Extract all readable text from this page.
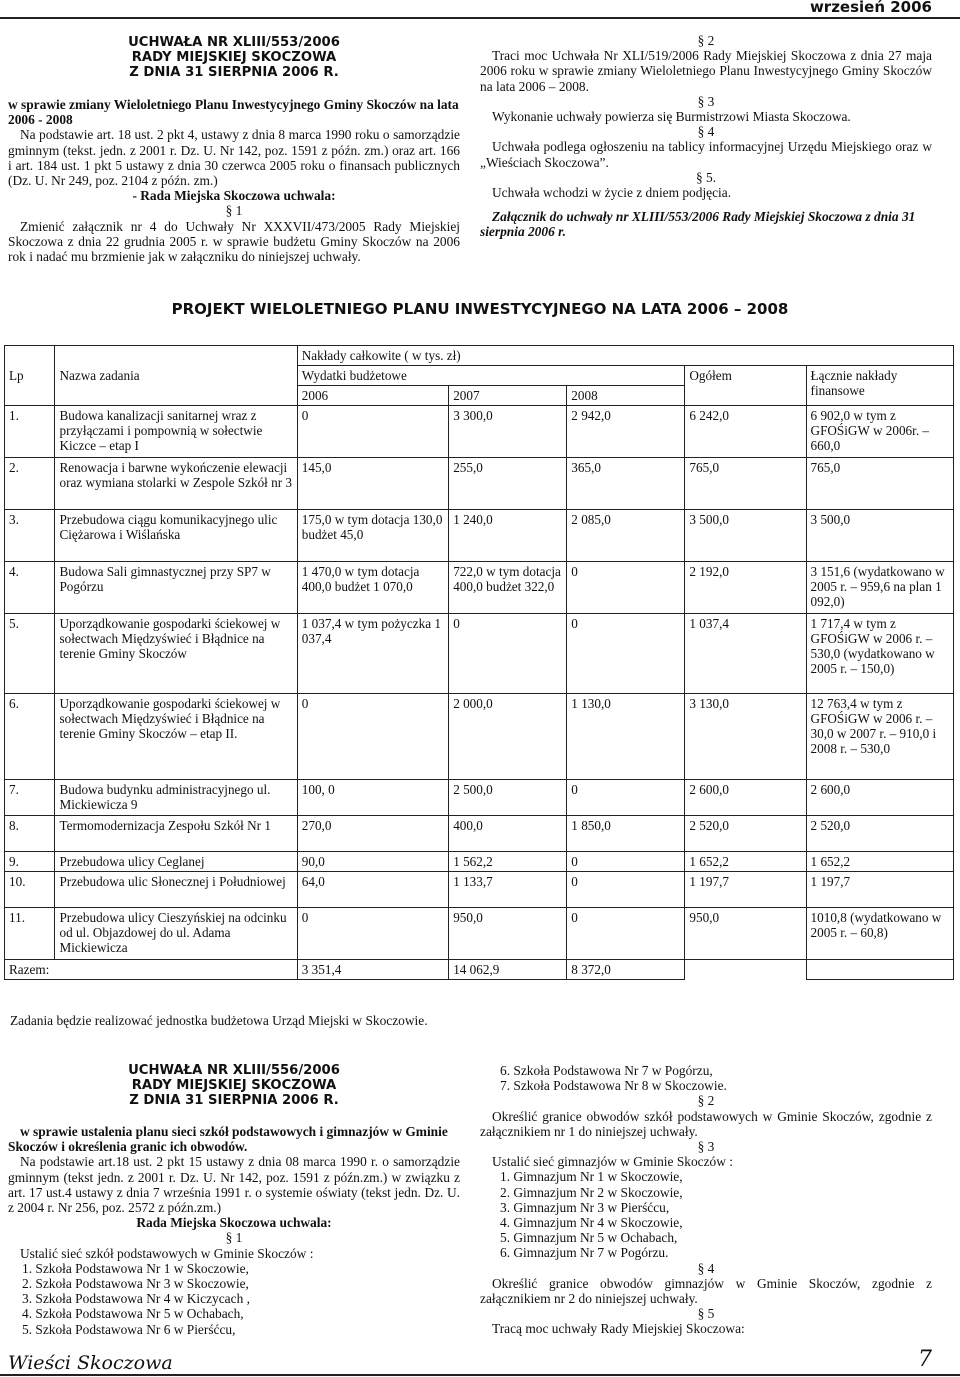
wrzesień 2006
UCHWAŁA NR XLIII/553/2006
RADY MIEJSKIEJ SKOCZOWA
Z DNIA 31 SIERPNIA 2006 R.

w sprawie zmiany Wieloletniego Planu Inwestycyjnego Gminy Skoczów na lata 2006 - 2008

Na podstawie art. 18 ust. 2 pkt 4, ustawy z dnia 8 marca 1990 roku o samorządzie gminnym (tekst. jedn. z 2001 r. Dz. U. Nr 142, poz. 1591 z późn. zm.) oraz art. 166 i art. 184 ust. 1 pkt 5 ustawy z dnia 30 czerwca 2005 roku o finansach publicznych (Dz. U. Nr 249, poz. 2104 z późn. zm.)

- Rada Miejska Skoczowa uchwala:

§ 1

Zmienić załącznik nr 4 do Uchwały Nr XXXVII/473/2005 Rady Miejskiej Skoczowa z dnia 22 grudnia 2005 r. w sprawie budżetu Gminy Skoczów na 2006 rok i nadać mu brzmienie jak w załączniku do niniejszej uchwały.

§ 2

Traci moc Uchwała Nr XLI/519/2006 Rady Miejskiej Skoczowa z dnia 27 maja 2006 roku w sprawie zmiany Wieloletniego Planu Inwestycyjnego Gminy Skoczów na lata 2006 – 2008.

§ 3

Wykonanie uchwały powierza się Burmistrzowi Miasta Skoczowa.

§ 4

Uchwała podlega ogłoszeniu na tablicy informacyjnej Urzędu Miejskiego oraz w „Wieściach Skoczowa”.

§ 5.

Uchwała wchodzi w życie z dniem podjęcia.

Załącznik do uchwały nr XLIII/553/2006 Rady Miejskiej Skoczowa z dnia 31 sierpnia 2006 r.

PROJEKT WIELOLETNIEGO PLANU INWESTYCYJNEGO NA LATA 2006 – 2008
Lp	Nazwa zadania	Nakłady całkowite ( w tys. zł)				
		Wydatki budżetowe			Ogółem	Łącznie nakłady finansowe
		2006	2007	2008		
1.	Budowa kanalizacji sanitarnej wraz z przyłączami i pompownią w sołectwie Kiczce – etap I	0	3 300,0	2 942,0	6 242,0	6 902,0 w tym z GFOŚiGW w 2006r. – 660,0
2.	Renowacja i barwne wykończenie elewacji oraz wymiana stolarki w Zespole Szkół nr 3	145,0	255,0	365,0	765,0	765,0
3.	Przebudowa ciągu komunikacyjnego ulic Ciężarowa i Wiślańska	175,0 w tym dotacja 130,0 budżet 45,0	1 240,0	2 085,0	3 500,0	3 500,0
4.	Budowa Sali gimnastycznej przy SP7 w Pogórzu	1 470,0 w tym dotacja 400,0 budżet 1 070,0	722,0 w tym dotacja 400,0 budżet 322,0	0	2 192,0	3 151,6 (wydatkowano w 2005 r. – 959,6 na plan 1 092,0)
5.	Uporządkowanie gospodarki ściekowej w sołectwach Międzyświeć i Błądnice na terenie Gminy Skoczów	1 037,4 w tym pożyczka 1 037,4	0	0	1 037,4	1 717,4 w tym z GFOŚiGW w 2006 r. – 530,0 (wydatkowano w 2005 r. – 150,0)
6.	Uporządkowanie gospodarki ściekowej w sołectwach Międzyświeć i Błądnice na terenie Gminy Skoczów – etap II.	0	2 000,0	1 130,0	3 130,0	12 763,4 w tym z GFOŚiGW w 2006 r. – 30,0 w 2007 r. – 910,0 i 2008 r. – 530,0
7.	Budowa budynku administracyjnego ul. Mickiewicza 9	100, 0	2 500,0	0	2 600,0	2 600,0
8.	Termomodernizacja Zespołu Szkół Nr 1	270,0	400,0	1 850,0	2 520,0	2 520,0
9.	Przebudowa ulicy Ceglanej	90,0	1 562,2	0	1 652,2	1 652,2
10.	Przebudowa ulic Słonecznej i Południowej	64,0	1 133,7	0	1 197,7	1 197,7
11.	Przebudowa ulicy Cieszyńskiej na odcinku od ul. Objazdowej do ul. Adama Mickiewicza	0	950,0	0	950,0	1010,8 (wydatkowano w 2005 r. – 60,8)
Razem:		3 351,4	14 062,9	8 372,0		
Zadania będzie realizować jednostka budżetowa Urząd Miejski w Skoczowie.
UCHWAŁA NR XLIII/556/2006
RADY MIEJSKIEJ SKOCZOWA
Z DNIA 31 SIERPNIA 2006 R.

w sprawie ustalenia planu sieci szkół podstawowych i gimnazjów w Gminie Skoczów i określenia granic ich obwodów.

Na podstawie art.18 ust. 2 pkt 15 ustawy z dnia 08 marca 1990 r. o samorządzie gminnym (tekst jedn. z 2001 r. Dz. U. Nr 142, poz. 1591 z późn.zm.) w związku z art. 17 ust.4 ustawy z dnia 7 września 1991 r. o systemie oświaty (tekst jedn. Dz. U. z 2004 r. Nr 256, poz. 2572 z późn.zm.)

Rada Miejska Skoczowa uchwala:

§ 1

Ustalić sieć szkół podstawowych w Gminie Skoczów :

1. Szkoła Podstawowa Nr 1 w Skoczowie,
2. Szkoła Podstawowa Nr 3 w Skoczowie,
3. Szkoła Podstawowa Nr 4 w Kiczycach ,
4. Szkoła Podstawowa Nr 5 w Ochabach,
5. Szkoła Podstawowa Nr 6 w Pierśćcu,
6. Szkoła Podstawowa Nr 7 w Pogórzu,
7. Szkoła Podstawowa Nr 8 w Skoczowie.

§ 2

Określić granice obwodów szkół podstawowych w Gminie Skoczów, zgodnie z załącznikiem nr 1 do niniejszej uchwały.

§ 3

Ustalić sieć gimnazjów w Gminie Skoczów :

1. Gimnazjum Nr 1 w Skoczowie,
2. Gimnazjum Nr 2 w Skoczowie,
3. Gimnazjum Nr 3 w Pierśćcu,
4. Gimnazjum Nr 4 w Skoczowie,
5. Gimnazjum Nr 5 w Ochabach,
6. Gimnazjum Nr 7 w Pogórzu.

§ 4

Określić granice obwodów gimnazjów w Gminie Skoczów, zgodnie z załącznikiem nr 2 do niniejszej uchwały.

§ 5

Tracą moc uchwały Rady Miejskiej Skoczowa:

Wieści Skoczowa	7
